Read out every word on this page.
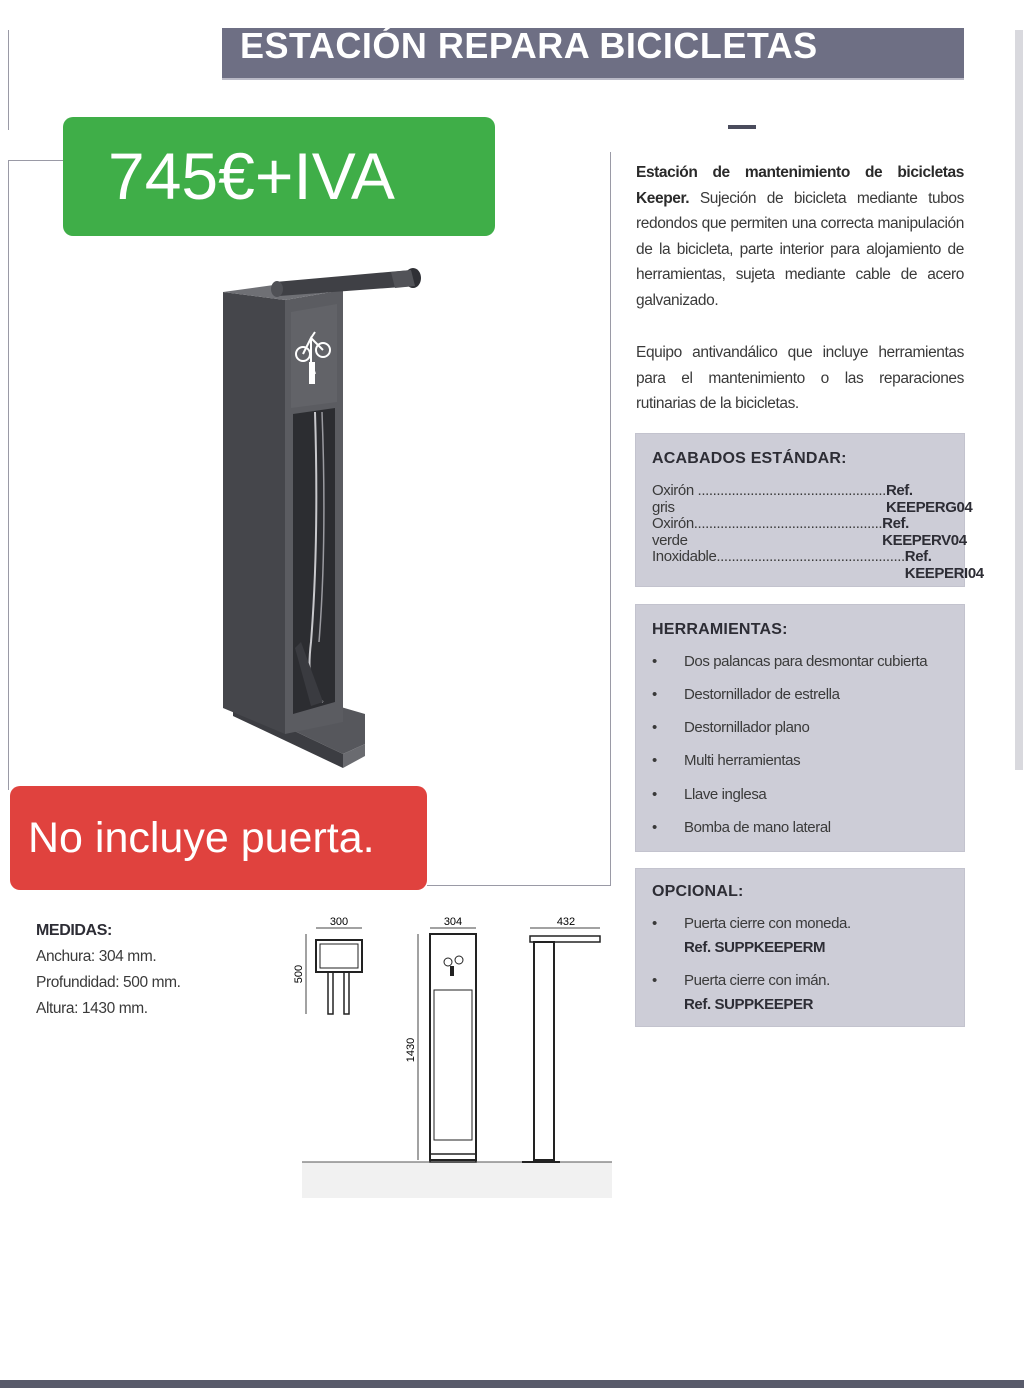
ESTACIÓN REPARA BICICLETAS
745€+IVA
No incluye puerta.
Estación de mantenimiento de bicicletas Keeper. Sujeción de bicicleta mediante tubos redondos que permiten una correcta manipulación de la bicicleta, parte interior para alojamiento de herramientas, sujeta mediante cable de acero galvanizado.
Equipo antivandálico que incluye herramientas para el mantenimiento o las reparaciones rutinarias de la bicicletas.
ACABADOS ESTÁNDAR:
Oxirón gris
.................................................. Ref. KEEPERG04
Oxirón verde
.................................................. Ref. KEEPERV04
Inoxidable .................................................. Ref. KEEPERI04
HERRAMIENTAS:
• Dos palancas para desmontar cubierta
• Destornillador de estrella
• Destornillador plano
• Multi herramientas
• Llave inglesa
• Bomba de mano lateral
OPCIONAL:
• Puerta cierre con moneda.
Ref. SUPPKEEPERM
• Puerta cierre con imán.
Ref. SUPPKEEPER
MEDIDAS:
Anchura: 304 mm.
Profundidad: 500 mm.
Altura: 1430 mm.
300
500
304
1430
432
